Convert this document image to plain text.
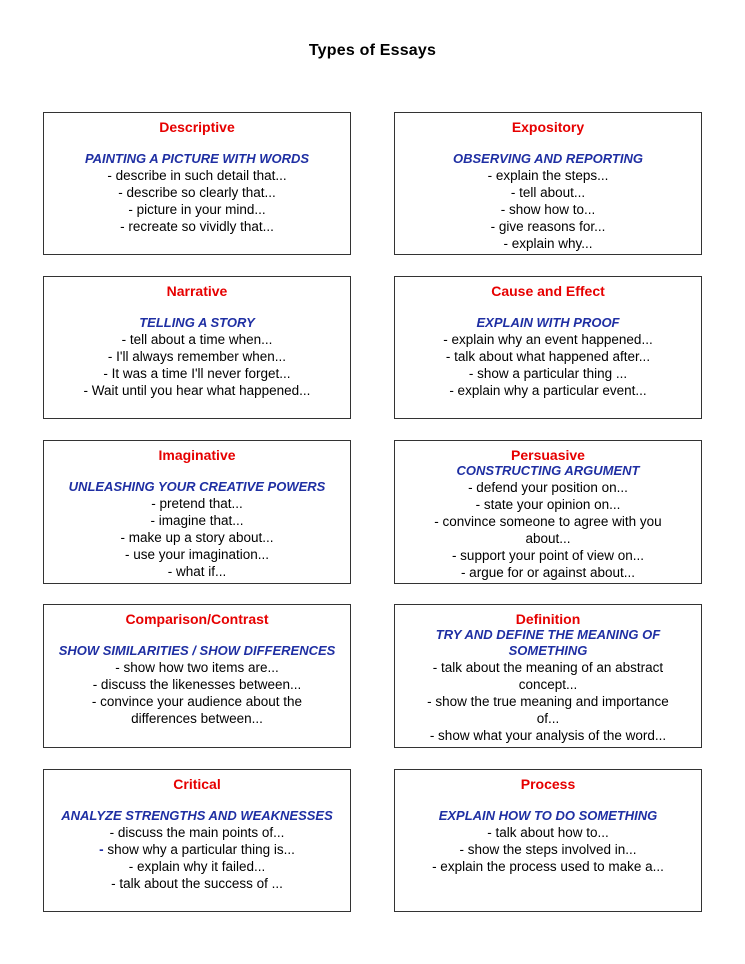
Types of Essays
Descriptive
PAINTING A PICTURE WITH WORDS
- describe in such detail that...
- describe so clearly that...
- picture in your mind...
- recreate so vividly that...
Expository
OBSERVING AND REPORTING
- explain the steps...
- tell about...
- show how to...
- give reasons for...
- explain why...
Narrative
TELLING A STORY
- tell about a time when...
- I'll always remember when...
- It was a time I'll never forget...
- Wait until you hear what happened...
Cause and Effect
EXPLAIN WITH PROOF
- explain why an event happened...
- talk about what happened after...
- show a particular thing ...
- explain why a particular event...
Imaginative
UNLEASHING YOUR CREATIVE POWERS
- pretend that...
- imagine that...
- make up a story about...
- use your imagination...
- what if...
Persuasive
CONSTRUCTING ARGUMENT
- defend your position on...
- state your opinion on...
- convince someone to agree with you
about...
- support your point of view on...
- argue for or against about...
Comparison/Contrast
SHOW SIMILARITIES / SHOW DIFFERENCES
- show how two items are...
- discuss the likenesses between...
- convince your audience about the
differences between...
Definition
TRY AND DEFINE THE MEANING OF
SOMETHING
- talk about the meaning of an abstract
concept...
- show the true meaning and importance
of...
- show what your analysis of the word...
Critical
ANALYZE STRENGTHS AND WEAKNESSES
- discuss the main points of...
- show why a particular thing is...
- explain why it failed...
- talk about the success of ...
Process
EXPLAIN HOW TO DO SOMETHING
- talk about how to...
- show the steps involved in...
- explain the process used to make a...
